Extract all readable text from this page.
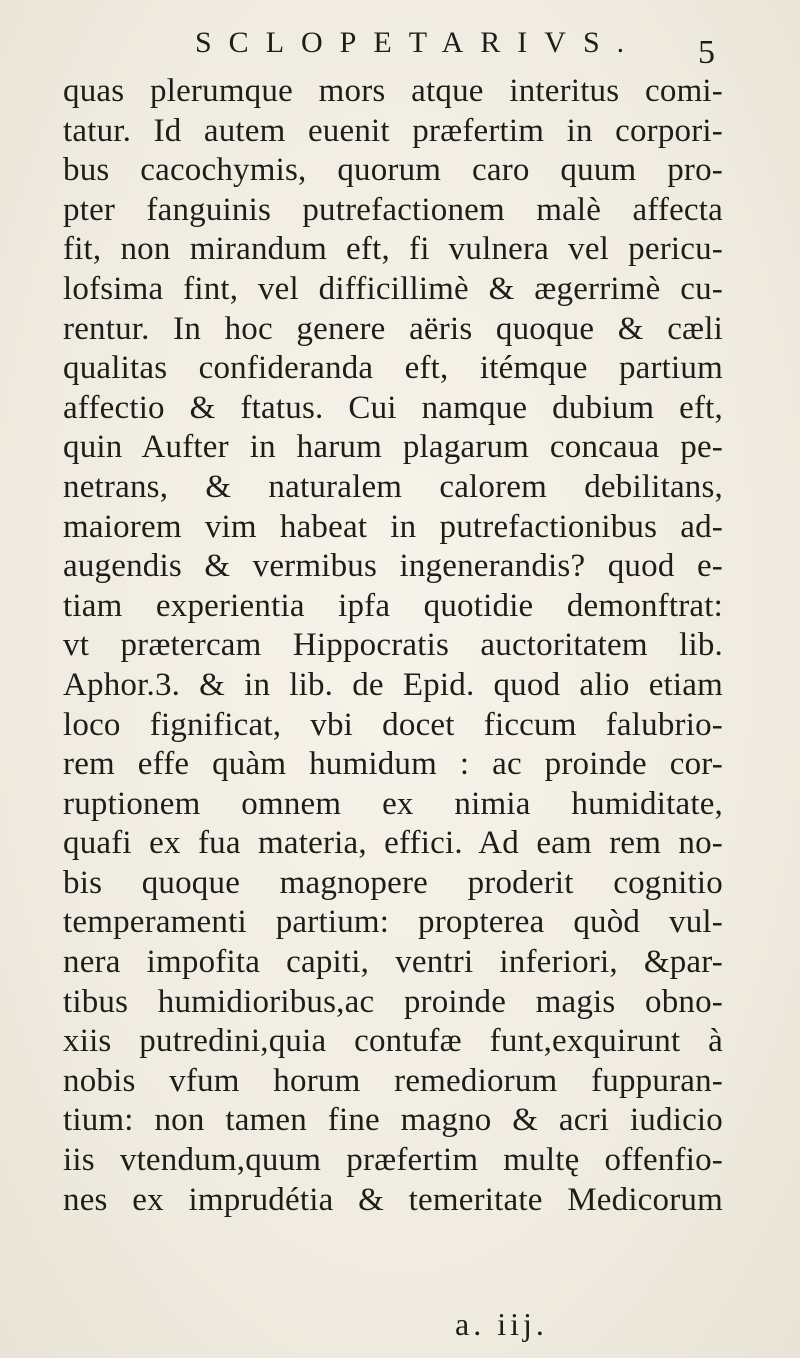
SCLOPETARIVS. 5
quas plerumque mors atque interitus comi-
tatur. Id autem euenit præfertim in corpori-
bus cacochymis, quorum caro quum pro-
pter fanguinis putrefactionem malè affecta
fit, non mirandum eft, fi vulnera vel pericu-
lofsima fint, vel difficillimè & ægerrimè cu-
rentur. In hoc genere aëris quoque & cæli
qualitas confideranda eft, itémque partium
affectio & ftatus. Cui namque dubium eft,
quin Aufter in harum plagarum concaua pe-
netrans, & naturalem calorem debilitans,
maiorem vim habeat in putrefactionibus ad-
augendis & vermibus ingenerandis? quod e-
tiam experientia ipfa quotidie demonftrat:
vt prætercam Hippocratis auctoritatem lib.
Aphor.3. & in lib. de Epid. quod alio etiam
loco fignificat, vbi docet ficcum falubrio-
rem effe quàm humidum : ac proinde cor-
ruptionem omnem ex nimia humiditate,
quafi ex fua materia, effici. Ad eam rem no-
bis quoque magnopere proderit cognitio
temperamenti partium: propterea quòd vul-
nera impofita capiti, ventri inferiori, &par-
tibus humidioribus,ac proinde magis obno-
xiis putredini,quia contufæ funt,exquirunt à
nobis vfum horum remediorum fuppuran-
tium: non tamen fine magno & acri iudicio
iis vtendum,quum præfertim multę offenfio-
nes ex imprudétia & temeritate Medicorum
a. iij.
